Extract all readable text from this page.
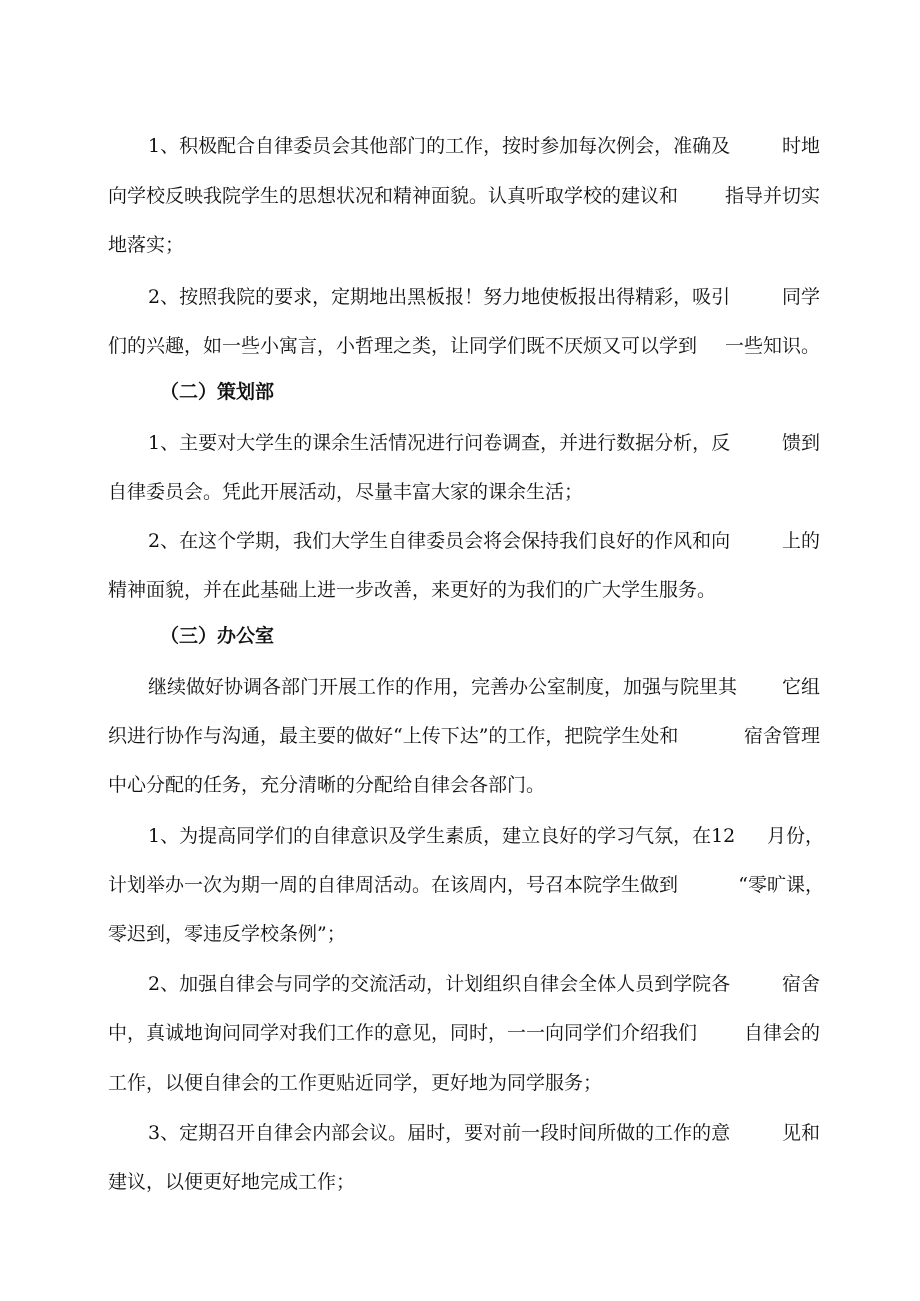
1、积极配合自律委员会其他部门的工作，按时参加每次例会，准确及	时地
向学校反映我院学生的思想状况和精神面貌。认真听取学校的建议和 指导并切实
地落实；
2、按照我院的要求，定期地出黑板报！努力地使板报出得精彩，吸引	同学
们的兴趣，如一些小寓言，小哲理之类，让同学们既不厌烦又可以学到 一些知识。
（二）策划部
1、主要对大学生的课余生活情况进行问卷调查，并进行数据分析，反	馈到
自律委员会。凭此开展活动，尽量丰富大家的课余生活；
2、在这个学期，我们大学生自律委员会将会保持我们良好的作风和向	上的
精神面貌，并在此基础上进一步改善，来更好的为我们的广大学生服务。
（三）办公室
继续做好协调各部门开展工作的作用，完善办公室制度，加强与院里其 它组
织进行协作与沟通，最主要的做好“上传下达”的工作，把院学生处和	宿舍管理
中心分配的任务，充分清晰的分配给自律会各部门。
1、为提高同学们的自律意识及学生素质，建立良好的学习气氛，在12 月份，
计划举办一次为期一周的自律周活动。在该周内，号召本院学生做到	“零旷课，
零迟到，零违反学校条例”；
2、加强自律会与同学的交流活动，计划组织自律会全体人员到学院各	宿舍
中，真诚地询问同学对我们工作的意见，同时，一一向同学们介绍我们 自律会的
工作，以便自律会的工作更贴近同学，更好地为同学服务；
3、定期召开自律会内部会议。届时，要对前一段时间所做的工作的意	见和
建议，以便更好地完成工作；
